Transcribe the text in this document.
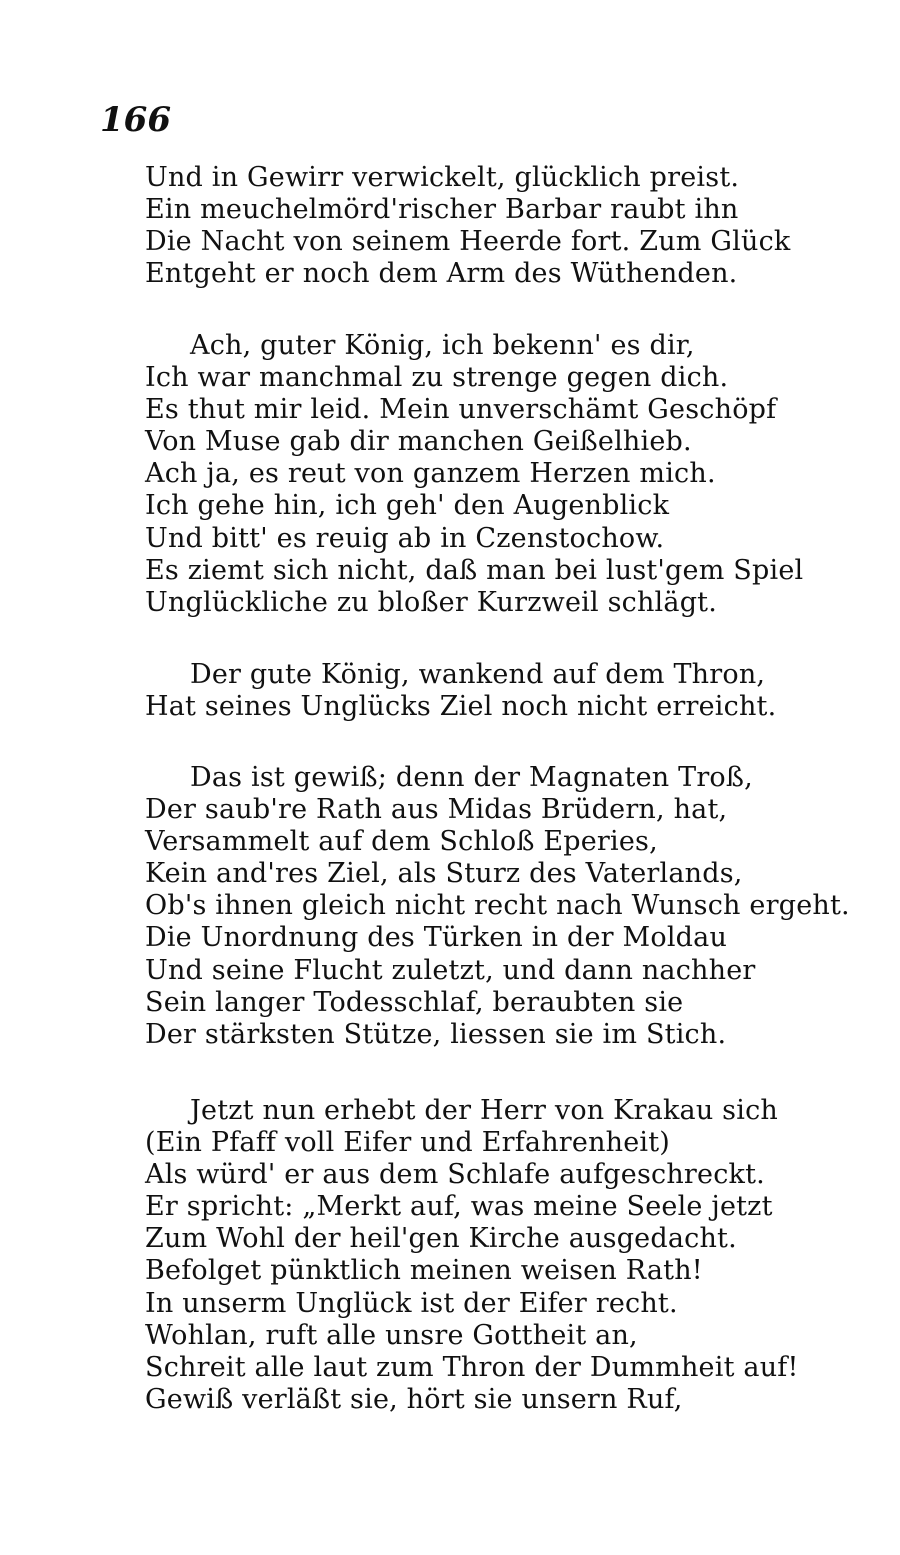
166
Und in Gewirr verwickelt, glücklich preist.
Ein meuchelmörd'rischer Barbar raubt ihn
Die Nacht von seinem Heerde fort. Zum Glück
Entgeht er noch dem Arm des Wüthenden.
Ach, guter König, ich bekenn' es dir,
Ich war manchmal zu strenge gegen dich.
Es thut mir leid. Mein unverschämt Geschöpf
Von Muse gab dir manchen Geißelhieb.
Ach ja, es reut von ganzem Herzen mich.
Ich gehe hin, ich geh' den Augenblick
Und bitt' es reuig ab in Czenstochow.
Es ziemt sich nicht, daß man bei lust'gem Spiel
Unglückliche zu bloßer Kurzweil schlägt.
Der gute König, wankend auf dem Thron,
Hat seines Unglücks Ziel noch nicht erreicht.
Das ist gewiß; denn der Magnaten Troß,
Der saub're Rath aus Midas Brüdern, hat,
Versammelt auf dem Schloß Eperies,
Kein and'res Ziel, als Sturz des Vaterlands,
Ob's ihnen gleich nicht recht nach Wunsch ergeht.
Die Unordnung des Türken in der Moldau
Und seine Flucht zuletzt, und dann nachher
Sein langer Todesschlaf, beraubten sie
Der stärksten Stütze, liessen sie im Stich.
Jetzt nun erhebt der Herr von Krakau sich
(Ein Pfaff voll Eifer und Erfahrenheit)
Als würd' er aus dem Schlafe aufgeschreckt.
Er spricht: „Merkt auf, was meine Seele jetzt
Zum Wohl der heil'gen Kirche ausgedacht.
Befolget pünktlich meinen weisen Rath!
In unserm Unglück ist der Eifer recht.
Wohlan, ruft alle unsre Gottheit an,
Schreit alle laut zum Thron der Dummheit auf!
Gewiß verläßt sie, hört sie unsern Ruf,
